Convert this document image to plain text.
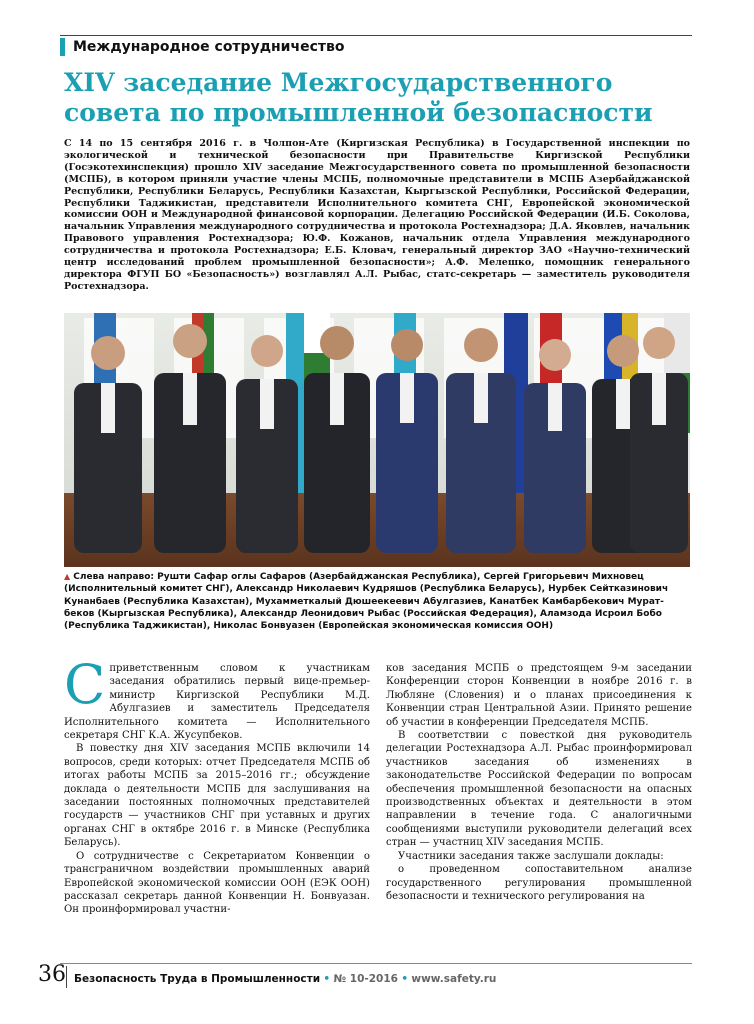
Международное сотрудничество
XIV заседание Межгосударственного совета по промышленной безопасности

С 14 по 15 сентября 2016 г. в Чолпон-Ате (Киргизская Республика) в Государственной инспекции по экологической и технической безопасности при Правительстве Киргизской Республики (Госэкотехинспекция) прошло XIV заседание Межгосударственного совета по промышленной безопасности (МСПБ), в котором приняли участие члены МСПБ, полномочные представители в МСПБ Азербайджанской Республики, Республики Беларусь, Республики Казахстан, Кыргызской Республики, Российской Федерации, Республики Таджикистан, представители Исполнительного комитета СНГ, Европейской экономической комиссии ООН и Международной финансовой корпорации. Делегацию Российской Федерации (И.Б. Соколова, начальник Управления международного сотрудничества и протокола Ростехнадзора; Д.А. Яковлев, начальник Правового управления Ростехнадзора; Ю.Ф. Кожанов, начальник отдела Управления международного сотрудничества и протокола Ростехнадзора; Е.Б. Кловач, генеральный директор ЗАО «Научно-технический центр исследований проблем промышленной безопасности»; А.Ф. Мелешко, помощник генерального директора ФГУП БО «Безопасность») возглавлял А.Л. Рыбас, статс-секретарь — заместитель руководителя Ростехнадзора.

▲ Слева направо: Рушти Сафар оглы Сафаров (Азербайджанская Республика), Сергей Григорьевич Михновец (Исполнительный комитет СНГ), Александр Николаевич Кудряшов (Республика Беларусь), Нурбек Сейтказинович Кунанбаев (Республика Казахстан), Мухамметкалый Дюшеекеевич Абулгазиев, Канатбек Камбарбекович Мурат-беков (Кыргызская Республика), Александр Леонидович Рыбас (Российская Федерация), Аламзода Исроил Бобо (Республика Таджикистан), Николас Бонвуазен (Европейская экономическая комиссия ООН)

Сприветственным словом к участникам заседания обратились первый вице-премьер-министр Киргизской Республики М.Д. Абулгазиев и заместитель Председателя Исполнительного комитета — Исполнительного секретаря СНГ К.А. Жусупбеков.

В повестку дня XIV заседания МСПБ включили 14 вопросов, среди которых: отчет Председателя МСПБ об итогах работы МСПБ за 2015–2016 гг.; обсуждение доклада о деятельности МСПБ для заслушивания на заседании постоянных полномочных представителей государств — участников СНГ при уставных и других органах СНГ в октябре 2016 г. в Минске (Республика Беларусь).

О сотрудничестве с Секретариатом Конвенции о трансграничном воздействии промышленных аварий Европейской экономической комиссии ООН (ЕЭК ООН) рассказал секретарь данной Конвенции Н. Бонвуазан. Он проинформировал участни-

ков заседания МСПБ о предстоящем 9-м заседании Конференции сторон Конвенции в ноябре 2016 г. в Любляне (Словения) и о планах присоединения к Конвенции стран Центральной Азии. Принято решение об участии в конференции Председателя МСПБ.

В соответствии с повесткой дня руководитель делегации Ростехнадзора А.Л. Рыбас проинформировал участников заседания об изменениях в законодательстве Российской Федерации по вопросам обеспечения промышленной безопасности на опасных производственных объектах и деятельности в этом направлении в течение года. С аналогичными сообщениями выступили руководители делегаций всех стран — участниц XIV заседания МСПБ.

Участники заседания также заслушали доклады:

о проведенном сопоставительном анализе государственного регулирования промышленной безопасности и технического регулирования на

36 Безопасность Труда в Промышленности • № 10-2016 • www.safety.ru
